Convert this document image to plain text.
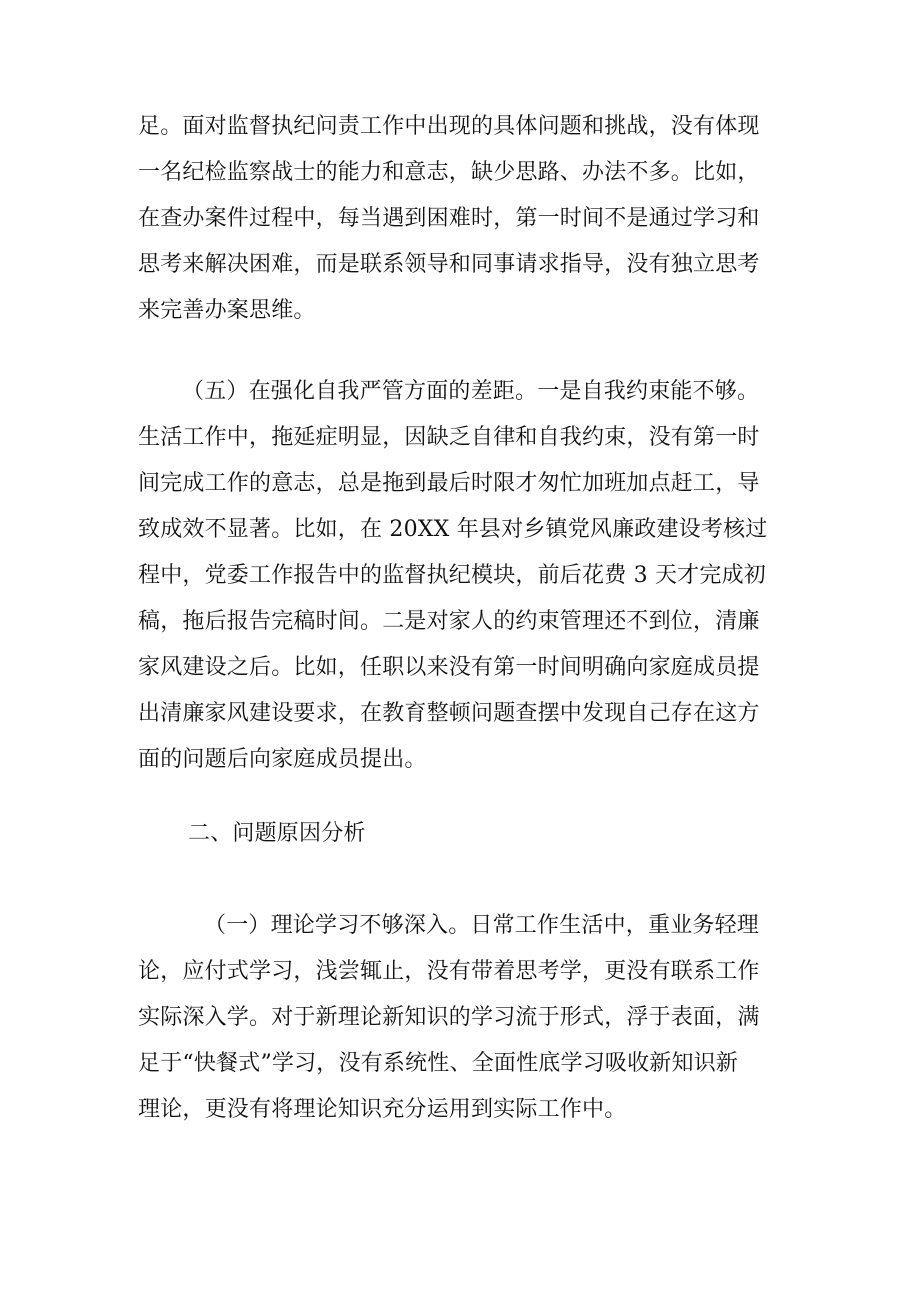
足。面对监督执纪问责工作中出现的具体问题和挑战，没有体现
一名纪检监察战士的能力和意志，缺少思路、办法不多。比如，
在查办案件过程中，每当遇到困难时，第一时间不是通过学习和
思考来解决困难，而是联系领导和同事请求指导，没有独立思考
来完善办案思维。
（五）在强化自我严管方面的差距。一是自我约束能不够。
生活工作中，拖延症明显，因缺乏自律和自我约束，没有第一时
间完成工作的意志，总是拖到最后时限才匆忙加班加点赶工，导
致成效不显著。比如，在 20XX 年县对乡镇党风廉政建设考核过
程中，党委工作报告中的监督执纪模块，前后花费 3 天才完成初
稿，拖后报告完稿时间。二是对家人的约束管理还不到位，清廉
家风建设之后。比如，任职以来没有第一时间明确向家庭成员提
出清廉家风建设要求，在教育整顿问题查摆中发现自己存在这方
面的问题后向家庭成员提出。
二、问题原因分析
（一）理论学习不够深入。日常工作生活中，重业务轻理
论，应付式学习，浅尝辄止，没有带着思考学，更没有联系工作
实际深入学。对于新理论新知识的学习流于形式，浮于表面，满
足于“快餐式”学习，没有系统性、全面性底学习吸收新知识新
理论，更没有将理论知识充分运用到实际工作中。
